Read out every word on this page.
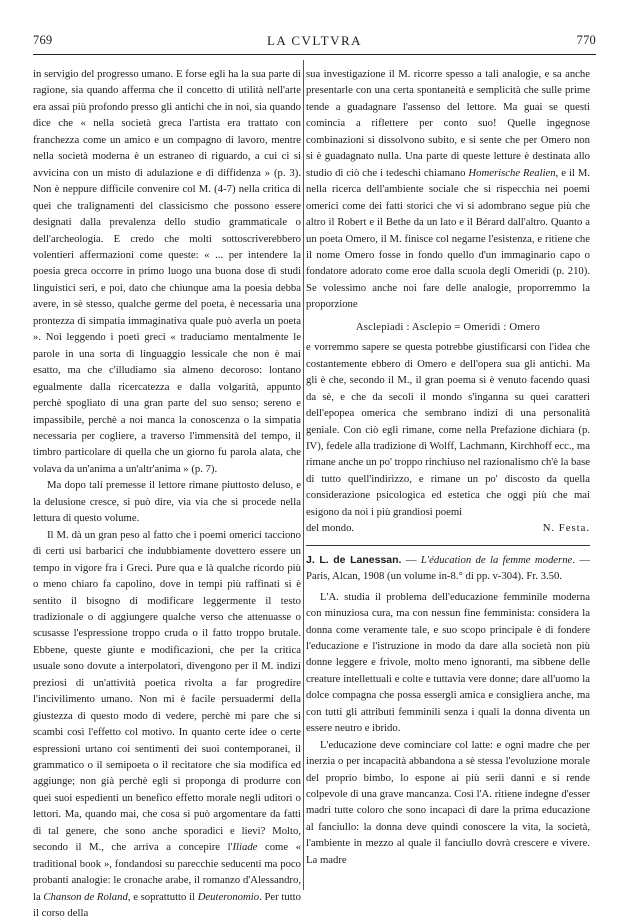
769	LA CVLTVRA	770

in servigio del progresso umano. E forse egli ha la sua parte di ragione, sia quando afferma che il concetto di utilità nell'arte era assai più profondo presso gli antichi che in noi, sia quando dice che « nella società greca l'artista era trattato con franchezza come un amico e un compagno di lavoro, mentre nella società moderna è un estraneo di riguardo, a cui ci si avvicina con un misto di adulazione e di diffidenza » (p. 3). Non è neppure difficile convenire col M. (4-7) nella critica di quei che tralignamenti del classicismo che possono essere designati dalla prevalenza dello studio grammaticale o dell'archeologia. E credo che molti sottoscriverebbero volentieri affermazioni come queste: « ... per intendere la poesia greca occorre in primo luogo una buona dose di studi linguistici seri, e poi, dato che chiunque ama la poesia debba avere, in sè stesso, qualche germe del poeta, è necessaria una prontezza di simpatia immaginativa quale può averla un poeta ». Noi leggendo i poeti greci « traduciamo mentalmente le parole in una sorta di linguaggio lessicale che non è mai esatto, ma che c'illudiamo sia almeno decoroso: lontano egualmente dalla ricercatezza e dalla volgarità, appunto perchè spogliato di una gran parte del suo senso; sereno e impassibile, perchè a noi manca la conoscenza o la simpatia necessaria per cogliere, a traverso l'immensità del tempo, il timbro particolare di quella che un giorno fu parola alata, che volava da un'anima a un'altr'anima » (p. 7).

Ma dopo tali premesse il lettore rimane piuttosto deluso, e la delusione cresce, si può dire, via via che si procede nella lettura di questo volume.

Il M. dà un gran peso al fatto che i poemi omerici tacciono di certi usi barbarici che indubbiamente dovettero essere un tempo in vigore fra i Greci. Pure qua e là qualche ricordo più o meno chiaro fa capolino, dove in tempi più raffinati si è sentito il bisogno di modificare leggermente il testo tradizionale o di aggiungere qualche verso che attenuasse o scusasse l'espressione troppo cruda o il fatto troppo brutale. Ebbene, queste giunte e modificazioni, che per la critica usuale sono dovute a interpolatori, divengono per il M. indizi preziosi di un'attività poetica rivolta a far progredire l'incivilimento umano. Non mi è facile persuadermi della giustezza di questo modo di vedere, perchè mi pare che si scambi così l'effetto col motivo. In quanto certe idee o certe espressioni urtano coi sentimenti dei suoi contemporanei, il grammatico o il semipoeta o il recitatore che sia modifica ed aggiunge; non già perchè egli si proponga di produrre con quei suoi espedienti un benefico effetto morale negli uditori o lettori. Ma, quando mai, che cosa si può argomentare da fatti di tal genere, che sono anche sporadici e lievi? Molto, secondo il M., che arriva a concepire l'Iliade come « traditional book », fondandosi su parecchie seducenti ma poco probanti analogie: le cronache arabe, il romanzo d'Alessandro, la Chanson de Roland, e soprattutto il Deuteronomio. Per tutto il corso della

sua investigazione il M. ricorre spesso a tali analogie, e sa anche presentarle con una certa spontaneità e semplicità che sulle prime tende a guadagnare l'assenso del lettore. Ma guai se questi comincia a riflettere per conto suo! Quelle ingegnose combinazioni si dissolvono subito, e si sente che per Omero non si è guadagnato nulla. Una parte di queste letture è destinata allo studio di ciò che i tedeschi chiamano Homerische Realien, e il M. nella ricerca dell'ambiente sociale che si rispecchia nei poemi omerici come dei fatti storici che vi si adombrano segue più che altro il Robert e il Bethe da un lato e il Bérard dall'altro. Quanto a un poeta Omero, il M. finisce col negarne l'esistenza, e ritiene che il nome Omero fosse in fondo quello d'un immaginario capo o fondatore adorato come eroe dalla scuola degli Omeridi (p. 210). Se volessimo anche noi fare delle analogie, proporremmo la proporzione

Asclepiadi : Asclepio = Omeridi : Omero

e vorremmo sapere se questa potrebbe giustificarsi con l'idea che costantemente ebbero di Omero e dell'opera sua gli antichi. Ma gli è che, secondo il M., il gran poema si è venuto facendo quasi da sè, e che da secoli il mondo s'inganna su quei caratteri dell'epopea omerica che sembrano indizi di una personalità geniale. Con ciò egli rimane, come nella Prefazione dichiara (p. IV), fedele alla tradizione di Wolff, Lachmann, Kirchhoff ecc., ma rimane anche un po' troppo rinchiuso nel razionalismo ch'è la base di tutto quell'indirizzo, e rimane un po' discosto da quella considerazione psicologica ed estetica che oggi più che mai esigono da noi i più grandiosi poemi

del mondo.	N. Festa.

J. L. de Lanessan. — L'éducation de la femme moderne. — Paris, Alcan, 1908 (un volume in-8.° di pp. v-304). Fr. 3.50.

L'A. studia il problema dell'educazione femminile moderna con minuziosa cura, ma con nessun fine femminista: considera la donna come veramente tale, e suo scopo principale è di fondere l'educazione e l'istruzione in modo da dare alla società non più donne leggere e frivole, molto meno ignoranti, ma sibbene delle creature intellettuali e colte e tuttavia vere donne; dare all'uomo la dolce compagna che possa essergli amica e consigliera anche, ma con tutti gli attributi femminili senza i quali la donna diventa un essere neutro e ibrido.

L'educazione deve cominciare col latte: e ogni madre che per inerzia o per incapacità abbandona a sè stessa l'evoluzione morale del proprio bimbo, lo espone ai più serii danni e si rende colpevole di una grave mancanza. Così l'A. ritiene indegne d'esser madri tutte coloro che sono incapaci di dare la prima educazione al fanciullo: la donna deve quindi conoscere la vita, la società, l'ambiente in mezzo al quale il fanciullo dovrà crescere e vivere. La madre
